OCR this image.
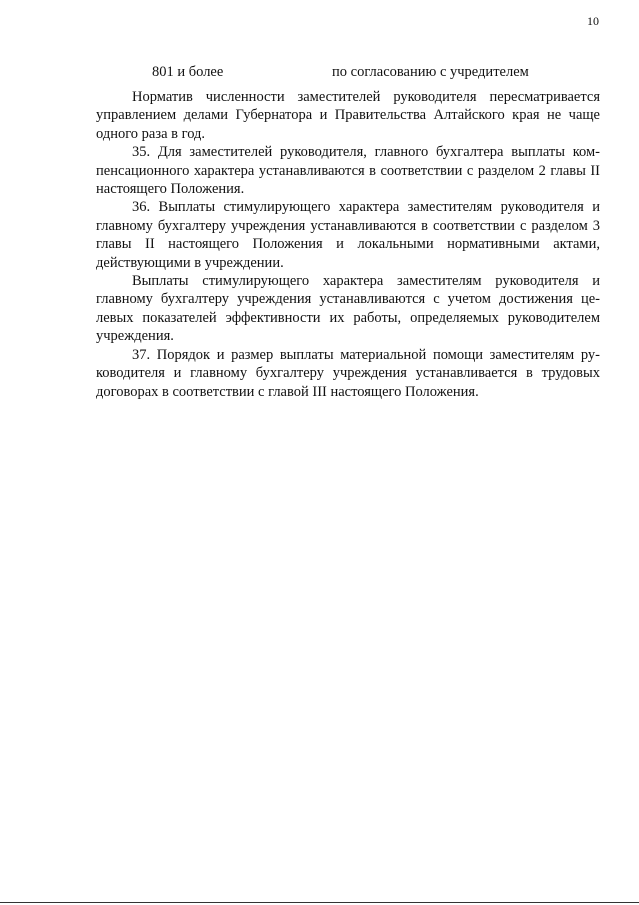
10
801 и более	по согласованию с учредителем

Норматив численности заместителей руководителя пересматривается управлением делами Губернатора и Правительства Алтайского края не чаще одного раза в год.

35. Для заместителей руководителя, главного бухгалтера выплаты компенсационного характера устанавливаются в соответствии с разделом 2 главы II настоящего Положения.

36. Выплаты стимулирующего характера заместителям руководителя и главному бухгалтеру учреждения устанавливаются в соответствии с разделом 3 главы II настоящего Положения и локальными нормативными актами, действующими в учреждении.

Выплаты стимулирующего характера заместителям руководителя и главному бухгалтеру учреждения устанавливаются с учетом достижения целевых показателей эффективности их работы, определяемых руководителем учреждения.

37. Порядок и размер выплаты материальной помощи заместителям руководителя и главному бухгалтеру учреждения устанавливается в трудовых договорах в соответствии с главой III настоящего Положения.
